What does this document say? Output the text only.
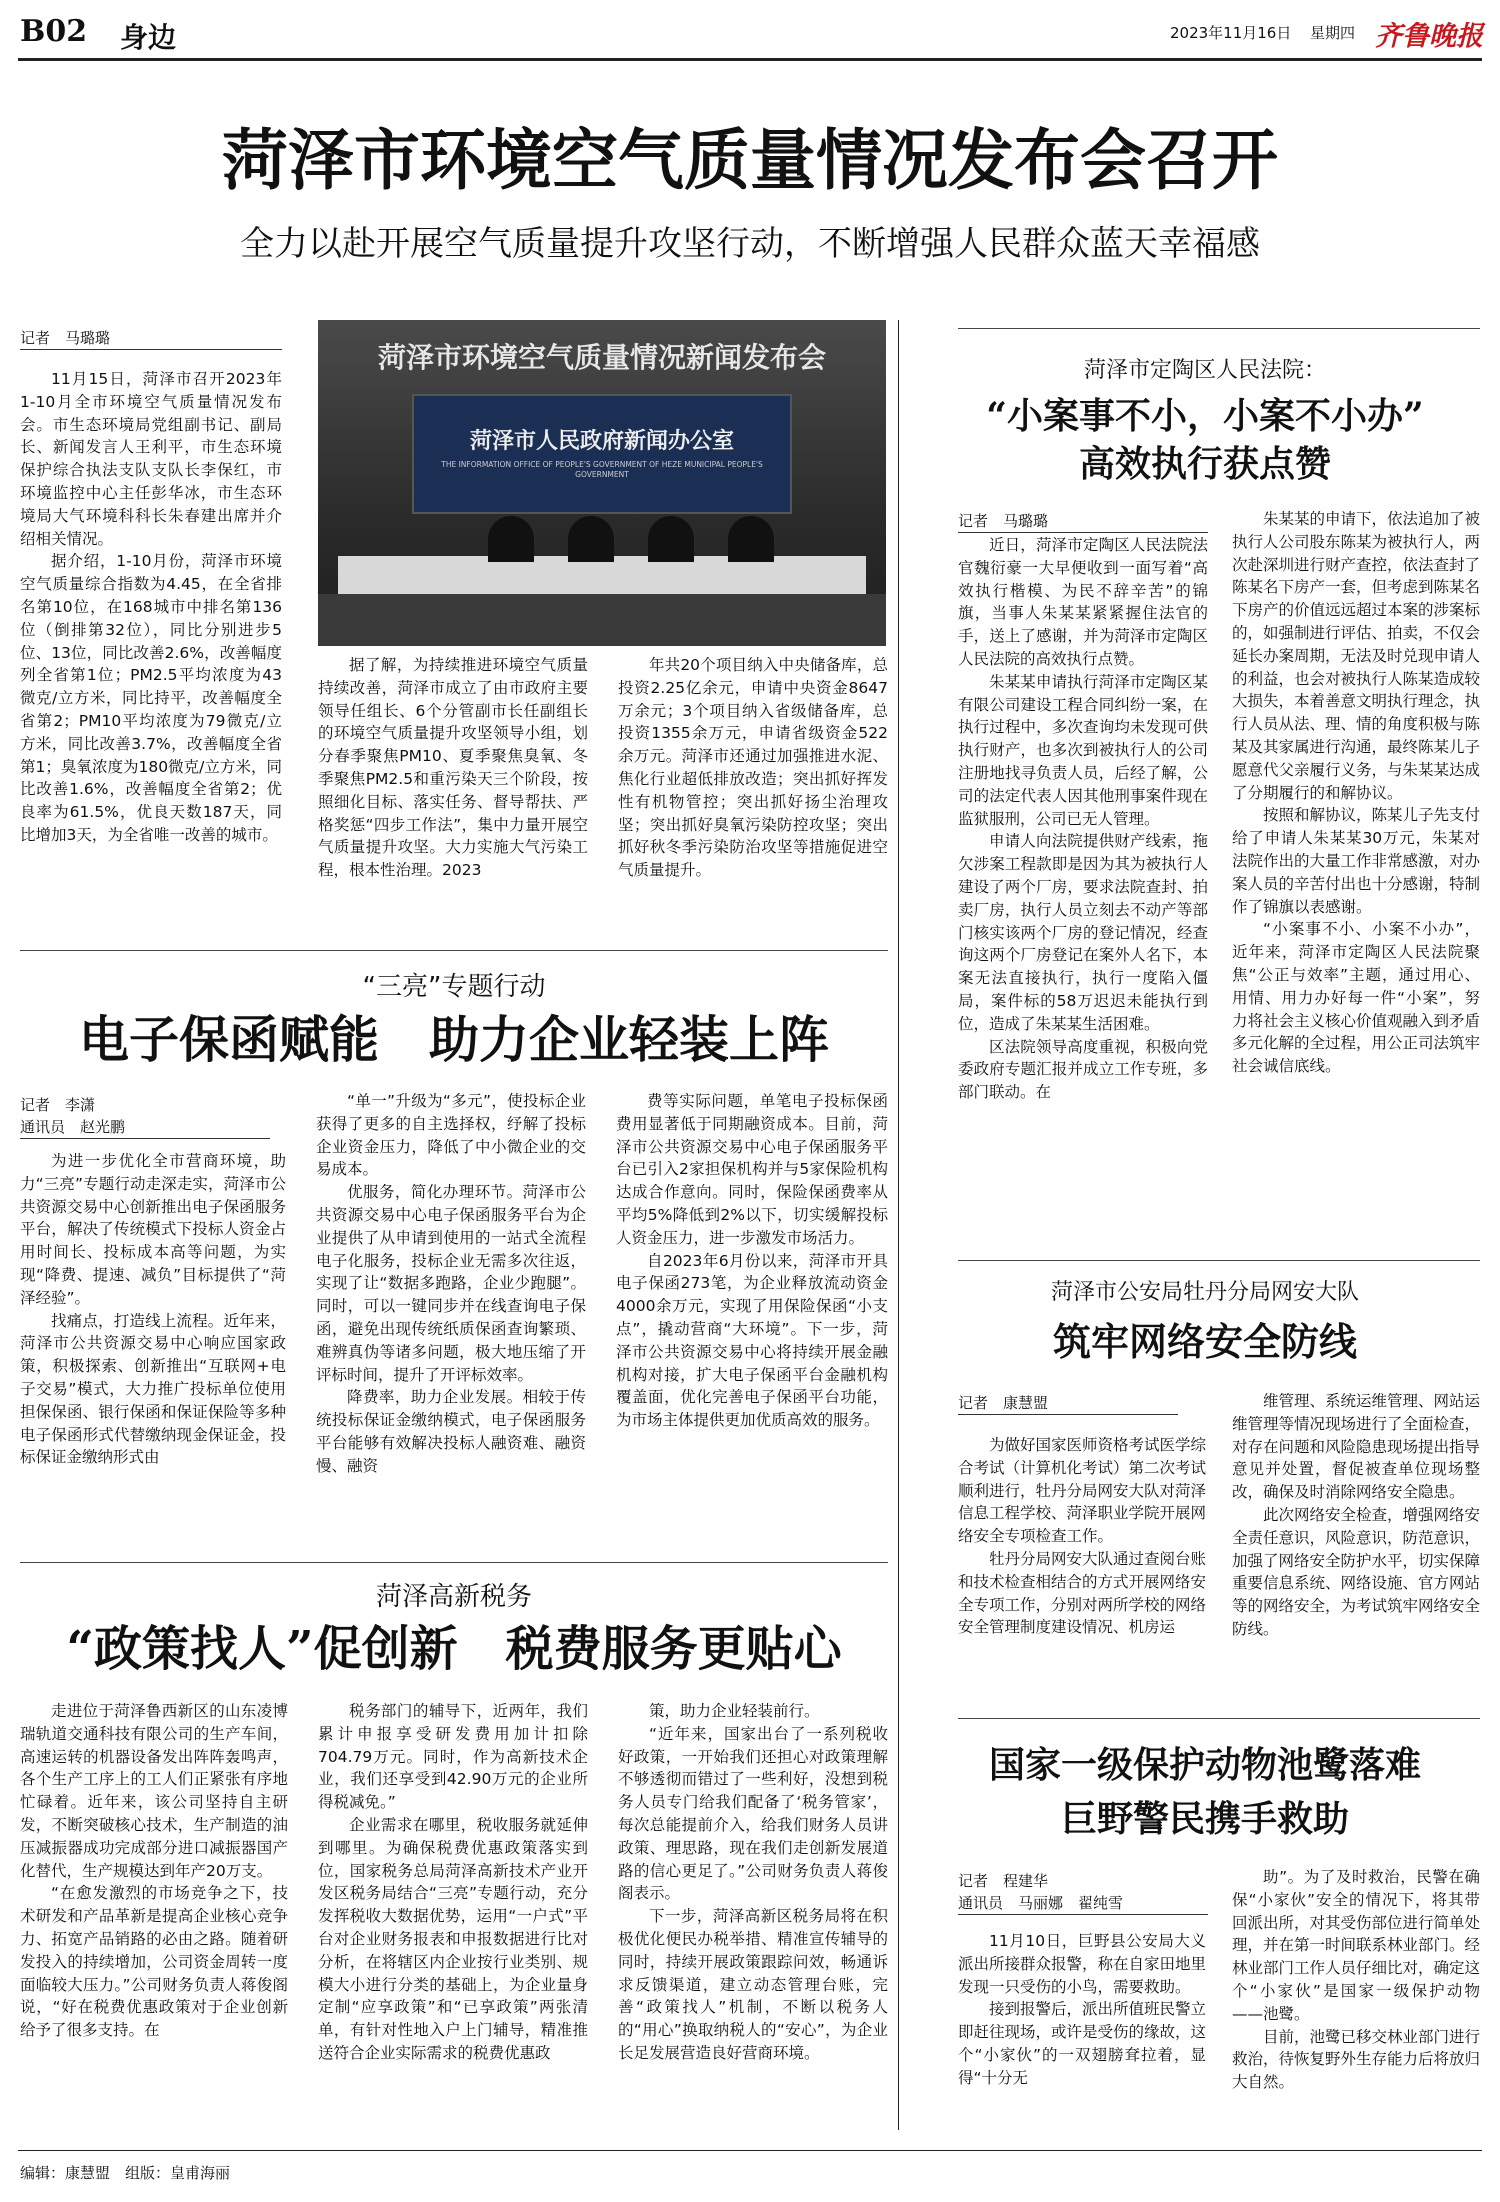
B02 身边	2023年11月16日 星期四 齐鲁晚报
菏泽市环境空气质量情况发布会召开
全力以赴开展空气质量提升攻坚行动，不断增强人民群众蓝天幸福感
记者　马璐璐

11月15日，菏泽市召开2023年1-10月全市环境空气质量情况发布会。市生态环境局党组副书记、副局长、新闻发言人王利平，市生态环境保护综合执法支队支队长李保红，市环境监控中心主任彭华冰，市生态环境局大气环境科科长朱春建出席并介绍相关情况。

据介绍，1-10月份，菏泽市环境空气质量综合指数为4.45，在全省排名第10位，在168城市中排名第136位（倒排第32位），同比分别进步5位、13位，同比改善2.6%，改善幅度列全省第1位；PM2.5平均浓度为43微克/立方米，同比持平，改善幅度全省第2；PM10平均浓度为79微克/立方米，同比改善3.7%，改善幅度全省第1；臭氧浓度为180微克/立方米，同比改善1.6%，改善幅度全省第2；优良率为61.5%，优良天数187天，同比增加3天，为全省唯一改善的城市。

菏泽市环境空气质量情况新闻发布会
菏泽市人民政府新闻办公室
THE INFORMATION OFFICE OF PEOPLE'S GOVERNMENT OF HEZE MUNICIPAL PEOPLE'S GOVERNMENT

据了解，为持续推进环境空气质量持续改善，菏泽市成立了由市政府主要领导任组长、6个分管副市长任副组长的环境空气质量提升攻坚领导小组，划分春季聚焦PM10、夏季聚焦臭氧、冬季聚焦PM2.5和重污染天三个阶段，按照细化目标、落实任务、督导帮扶、严格奖惩“四步工作法”，集中力量开展空气质量提升攻坚。大力实施大气污染工程，根本性治理。2023

年共20个项目纳入中央储备库，总投资2.25亿余元，申请中央资金8647万余元；3个项目纳入省级储备库，总投资1355余万元，申请省级资金522余万元。菏泽市还通过加强推进水泥、焦化行业超低排放改造；突出抓好挥发性有机物管控；突出抓好扬尘治理攻坚；突出抓好臭氧污染防控攻坚；突出抓好秋冬季污染防治攻坚等措施促进空气质量提升。

“三亮”专题行动
电子保函赋能　助力企业轻装上阵
记者　李潇
通讯员　赵光鹏

为进一步优化全市营商环境，助力“三亮”专题行动走深走实，菏泽市公共资源交易中心创新推出电子保函服务平台，解决了传统模式下投标人资金占用时间长、投标成本高等问题，为实现“降费、提速、减负”目标提供了“菏泽经验”。

找痛点，打造线上流程。近年来，菏泽市公共资源交易中心响应国家政策，积极探索、创新推出“互联网+电子交易”模式，大力推广投标单位使用担保保函、银行保函和保证保险等多种电子保函形式代替缴纳现金保证金，投标保证金缴纳形式由

“单一”升级为“多元”，使投标企业获得了更多的自主选择权，纾解了投标企业资金压力，降低了中小微企业的交易成本。

优服务，简化办理环节。菏泽市公共资源交易中心电子保函服务平台为企业提供了从申请到使用的一站式全流程电子化服务，投标企业无需多次往返，实现了让“数据多跑路，企业少跑腿”。同时，可以一键同步并在线查询电子保函，避免出现传统纸质保函查询繁琐、难辨真伪等诸多问题，极大地压缩了开评标时间，提升了开评标效率。

降费率，助力企业发展。相较于传统投标保证金缴纳模式，电子保函服务平台能够有效解决投标人融资难、融资慢、融资

费等实际问题，单笔电子投标保函费用显著低于同期融资成本。目前，菏泽市公共资源交易中心电子保函服务平台已引入2家担保机构并与5家保险机构达成合作意向。同时，保险保函费率从平均5%降低到2%以下，切实缓解投标人资金压力，进一步激发市场活力。

自2023年6月份以来，菏泽市开具电子保函273笔，为企业释放流动资金4000余万元，实现了用保险保函“小支点”，撬动营商“大环境”。下一步，菏泽市公共资源交易中心将持续开展金融机构对接，扩大电子保函平台金融机构覆盖面，优化完善电子保函平台功能，为市场主体提供更加优质高效的服务。

菏泽高新税务
“政策找人”促创新　税费服务更贴心

走进位于菏泽鲁西新区的山东凌博瑞轨道交通科技有限公司的生产车间，高速运转的机器设备发出阵阵轰鸣声，各个生产工序上的工人们正紧张有序地忙碌着。近年来，该公司坚持自主研发，不断突破核心技术，生产制造的油压减振器成功完成部分进口减振器国产化替代，生产规模达到年产20万支。

“在愈发激烈的市场竞争之下，技术研发和产品革新是提高企业核心竞争力、拓宽产品销路的必由之路。随着研发投入的持续增加，公司资金周转一度面临较大压力。”公司财务负责人蒋俊阁说，“好在税费优惠政策对于企业创新给予了很多支持。在

税务部门的辅导下，近两年，我们累计申报享受研发费用加计扣除704.79万元。同时，作为高新技术企业，我们还享受到42.90万元的企业所得税减免。”

企业需求在哪里，税收服务就延伸到哪里。为确保税费优惠政策落实到位，国家税务总局菏泽高新技术产业开发区税务局结合“三亮”专题行动，充分发挥税收大数据优势，运用“一户式”平台对企业财务报表和申报数据进行比对分析，在将辖区内企业按行业类别、规模大小进行分类的基础上，为企业量身定制“应享政策”和“已享政策”两张清单，有针对性地入户上门辅导，精准推送符合企业实际需求的税费优惠政

策，助力企业轻装前行。

“近年来，国家出台了一系列税收好政策，一开始我们还担心对政策理解不够透彻而错过了一些利好，没想到税务人员专门给我们配备了‘税务管家’，每次总能提前介入，给我们财务人员讲政策、理思路，现在我们走创新发展道路的信心更足了。”公司财务负责人蒋俊阁表示。

下一步，菏泽高新区税务局将在积极优化便民办税举措、精准宣传辅导的同时，持续开展政策跟踪问效，畅通诉求反馈渠道，建立动态管理台账，完善“政策找人”机制，不断以税务人的“用心”换取纳税人的“安心”，为企业长足发展营造良好营商环境。

菏泽市定陶区人民法院：
“小案事不小，小案不小办”
高效执行获点赞
记者　马璐璐

近日，菏泽市定陶区人民法院法官魏衍豪一大早便收到一面写着“高效执行楷模、为民不辞辛苦”的锦旗，当事人朱某某紧紧握住法官的手，送上了感谢，并为菏泽市定陶区人民法院的高效执行点赞。

朱某某申请执行菏泽市定陶区某有限公司建设工程合同纠纷一案，在执行过程中，多次查询均未发现可供执行财产，也多次到被执行人的公司注册地找寻负责人员，后经了解，公司的法定代表人因其他刑事案件现在监狱服刑，公司已无人管理。

申请人向法院提供财产线索，拖欠涉案工程款即是因为其为被执行人建设了两个厂房，要求法院查封、拍卖厂房，执行人员立刻去不动产等部门核实该两个厂房的登记情况，经查询这两个厂房登记在案外人名下，本案无法直接执行，执行一度陷入僵局，案件标的58万迟迟未能执行到位，造成了朱某某生活困难。

区法院领导高度重视，积极向党委政府专题汇报并成立工作专班，多部门联动。在

朱某某的申请下，依法追加了被执行人公司股东陈某为被执行人，两次赴深圳进行财产查控，依法查封了陈某名下房产一套，但考虑到陈某名下房产的价值远远超过本案的涉案标的，如强制进行评估、拍卖，不仅会延长办案周期，无法及时兑现申请人的利益，也会对被执行人陈某造成较大损失，本着善意文明执行理念，执行人员从法、理、情的角度积极与陈某及其家属进行沟通，最终陈某儿子愿意代父亲履行义务，与朱某某达成了分期履行的和解协议。

按照和解协议，陈某儿子先支付给了申请人朱某某30万元，朱某对法院作出的大量工作非常感激，对办案人员的辛苦付出也十分感谢，特制作了锦旗以表感谢。

“小案事不小、小案不小办”，近年来，菏泽市定陶区人民法院聚焦“公正与效率”主题，通过用心、用情、用力办好每一件“小案”，努力将社会主义核心价值观融入到矛盾多元化解的全过程，用公正司法筑牢社会诚信底线。

菏泽市公安局牡丹分局网安大队
筑牢网络安全防线
记者　康慧盟

为做好国家医师资格考试医学综合考试（计算机化考试）第二次考试顺利进行，牡丹分局网安大队对菏泽信息工程学校、菏泽职业学院开展网络安全专项检查工作。

牡丹分局网安大队通过查阅台账和技术检查相结合的方式开展网络安全专项工作，分别对两所学校的网络安全管理制度建设情况、机房运

维管理、系统运维管理、网站运维管理等情况现场进行了全面检查，对存在问题和风险隐患现场提出指导意见并处置，督促被查单位现场整改，确保及时消除网络安全隐患。

此次网络安全检查，增强网络安全责任意识，风险意识，防范意识，加强了网络安全防护水平，切实保障重要信息系统、网络设施、官方网站等的网络安全，为考试筑牢网络安全防线。

国家一级保护动物池鹭落难
巨野警民携手救助
记者　程建华
通讯员　马丽娜　翟纯雪

11月10日，巨野县公安局大义派出所接群众报警，称在自家田地里发现一只受伤的小鸟，需要救助。

接到报警后，派出所值班民警立即赶往现场，或许是受伤的缘故，这个“小家伙”的一双翅膀耷拉着，显得“十分无

助”。为了及时救治，民警在确保“小家伙”安全的情况下，将其带回派出所，对其受伤部位进行简单处理，并在第一时间联系林业部门。经林业部门工作人员仔细比对，确定这个“小家伙”是国家一级保护动物——池鹭。

目前，池鹭已移交林业部门进行救治，待恢复野外生存能力后将放归大自然。

编辑：康慧盟　组版：皇甫海丽
